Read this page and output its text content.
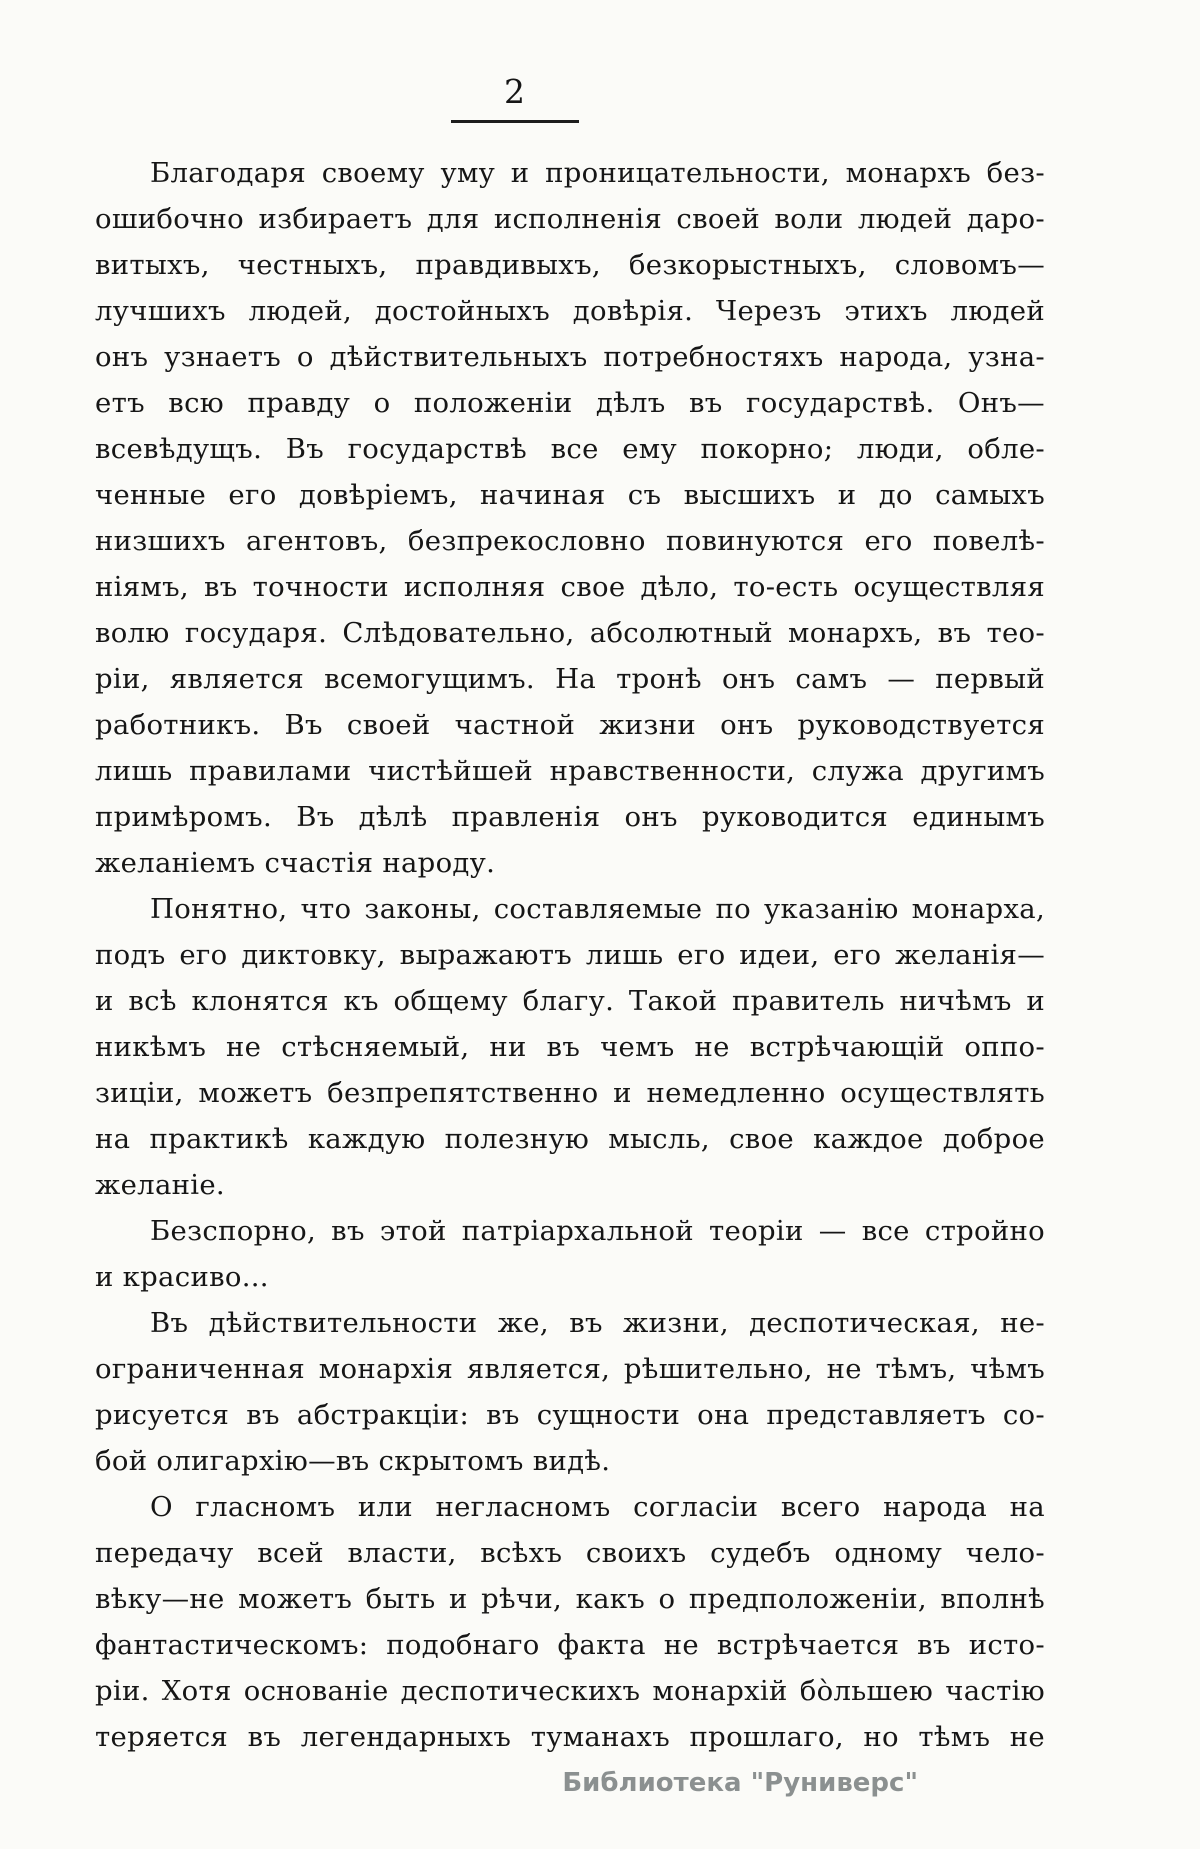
2
Благодаря своему уму и проницательности, монархъ без-
ошибочно избираетъ для исполненія своей воли людей даро-
витыхъ, честныхъ, правдивыхъ, безкорыстныхъ, словомъ—
лучшихъ людей, достойныхъ довѣрія. Черезъ этихъ людей
онъ узнаетъ о дѣйствительныхъ потребностяхъ народа, узна-
етъ всю правду о положеніи дѣлъ въ государствѣ. Онъ—
всевѣдущъ. Въ государствѣ все ему покорно; люди, обле-
ченные его довѣріемъ, начиная съ высшихъ и до самыхъ
низшихъ агентовъ, безпрекословно повинуются его повелѣ-
ніямъ, въ точности исполняя свое дѣло, то-есть осуществляя
волю государя. Слѣдовательно, абсолютный монархъ, въ тео-
ріи, является всемогущимъ. На тронѣ онъ самъ — первый
работникъ. Въ своей частной жизни онъ руководствуется
лишь правилами чистѣйшей нравственности, служа другимъ
примѣромъ. Въ дѣлѣ правленія онъ руководится единымъ
желаніемъ счастія народу.
Понятно, что законы, составляемые по указанію монарха,
подъ его диктовку, выражаютъ лишь его идеи, его желанія—
и всѣ клонятся къ общему благу. Такой правитель ничѣмъ и
никѣмъ не стѣсняемый, ни въ чемъ не встрѣчающій оппо-
зиціи, можетъ безпрепятственно и немедленно осуществлять
на практикѣ каждую полезную мысль, свое каждое доброе
желаніе.
Безспорно, въ этой патріархальной теоріи — все стройно
и красиво...
Въ дѣйствительности же, въ жизни, деспотическая, не-
ограниченная монархія является, рѣшительно, не тѣмъ, чѣмъ
рисуется въ абстракціи: въ сущности она представляетъ со-
бой олигархію—въ скрытомъ видѣ.
О гласномъ или негласномъ согласіи всего народа на
передачу всей власти, всѣхъ своихъ судебъ одному чело-
вѣку—не можетъ быть и рѣчи, какъ о предположеніи, вполнѣ
фантастическомъ: подобнаго факта не встрѣчается въ исто-
ріи. Хотя основаніе деспотическихъ монархій бо̀льшею частію
теряется въ легендарныхъ туманахъ прошлаго, но тѣмъ не
Библиотека "Руниверс"
